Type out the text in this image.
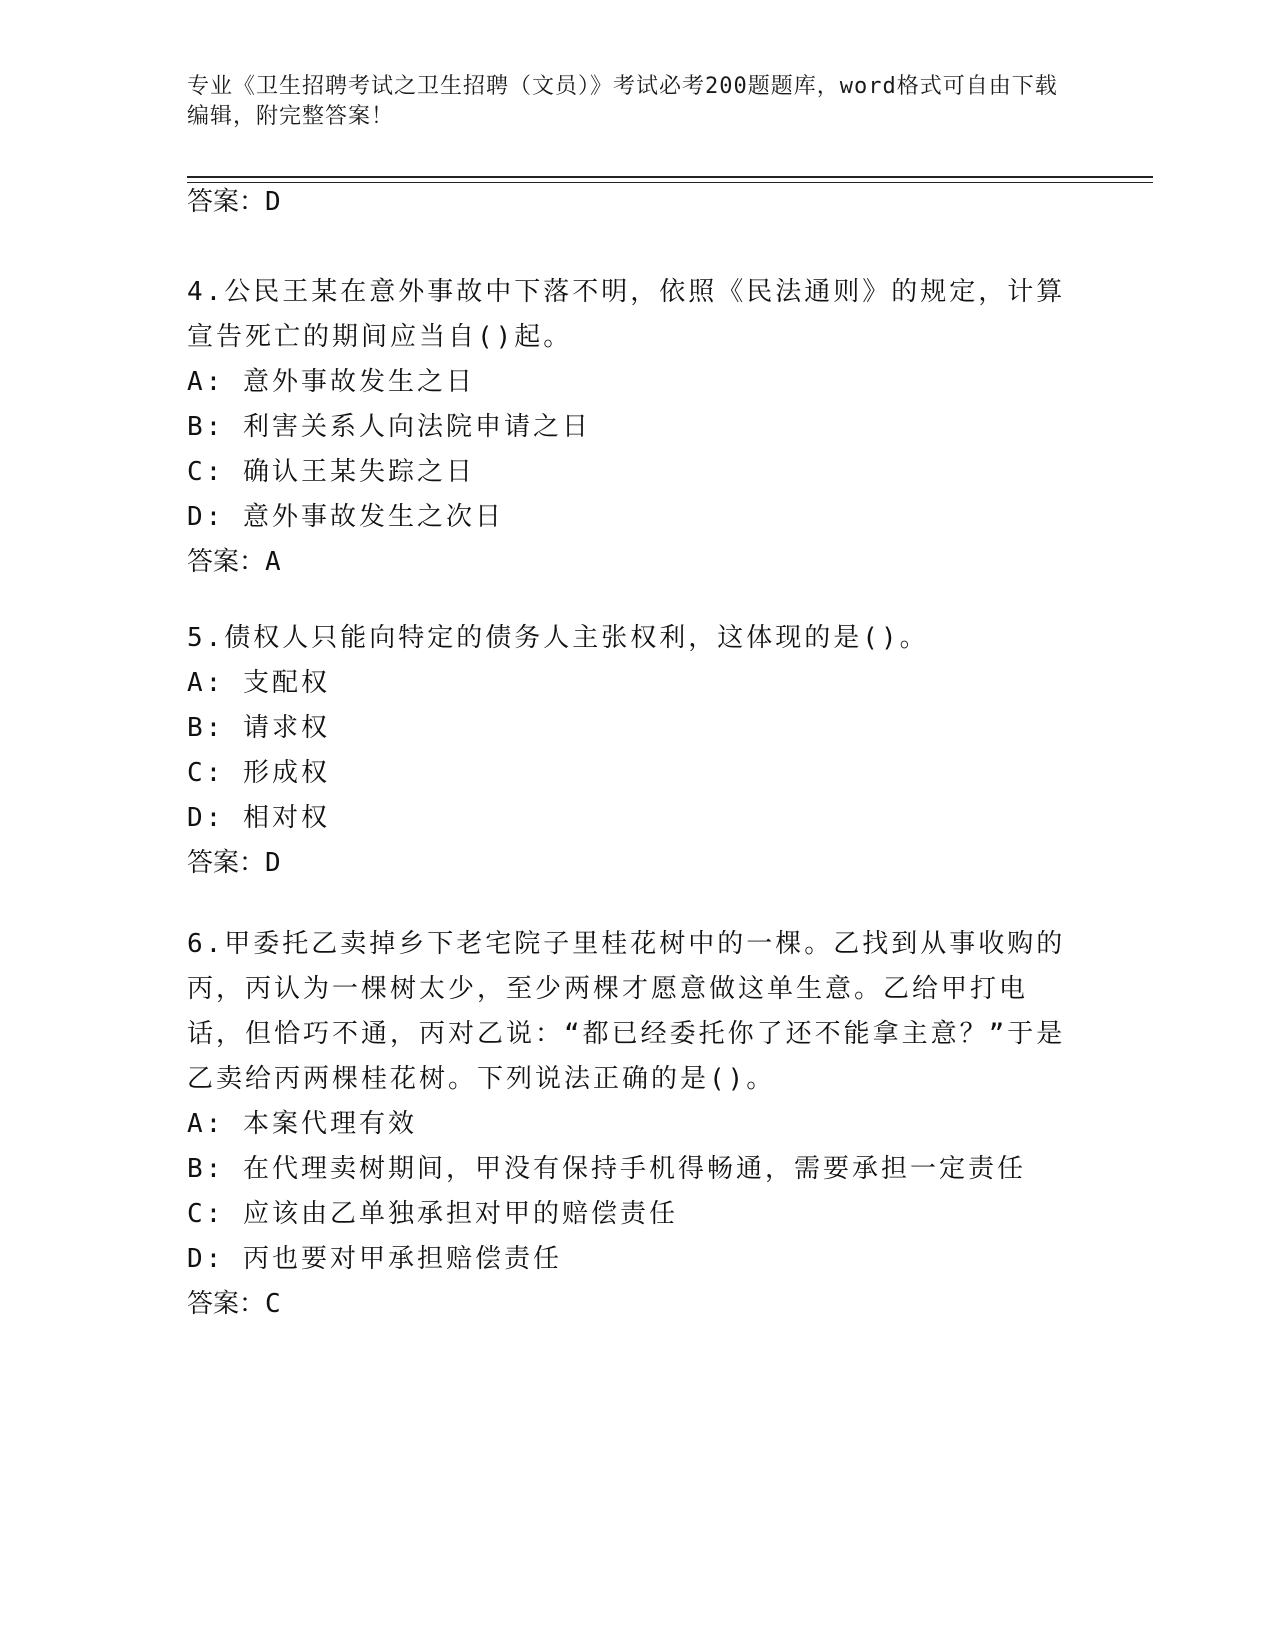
专业《卫生招聘考试之卫生招聘（文员）》考试必考200题题库，word格式可自由下载编辑，附完整答案！
答案：D

4.公民王某在意外事故中下落不明，依照《民法通则》的规定，计算宣告死亡的期间应当自()起。

A: 意外事故发生之日

B: 利害关系人向法院申请之日

C: 确认王某失踪之日

D: 意外事故发生之次日

答案：A

5.债权人只能向特定的债务人主张权利，这体现的是()。

A: 支配权

B: 请求权

C: 形成权

D: 相对权

答案：D

6.甲委托乙卖掉乡下老宅院子里桂花树中的一棵。乙找到从事收购的丙，丙认为一棵树太少，至少两棵才愿意做这单生意。乙给甲打电话，但恰巧不通，丙对乙说：“都已经委托你了还不能拿主意？”于是乙卖给丙两棵桂花树。下列说法正确的是()。

A: 本案代理有效

B: 在代理卖树期间，甲没有保持手机得畅通，需要承担一定责任

C: 应该由乙单独承担对甲的赔偿责任

D: 丙也要对甲承担赔偿责任

答案：C
